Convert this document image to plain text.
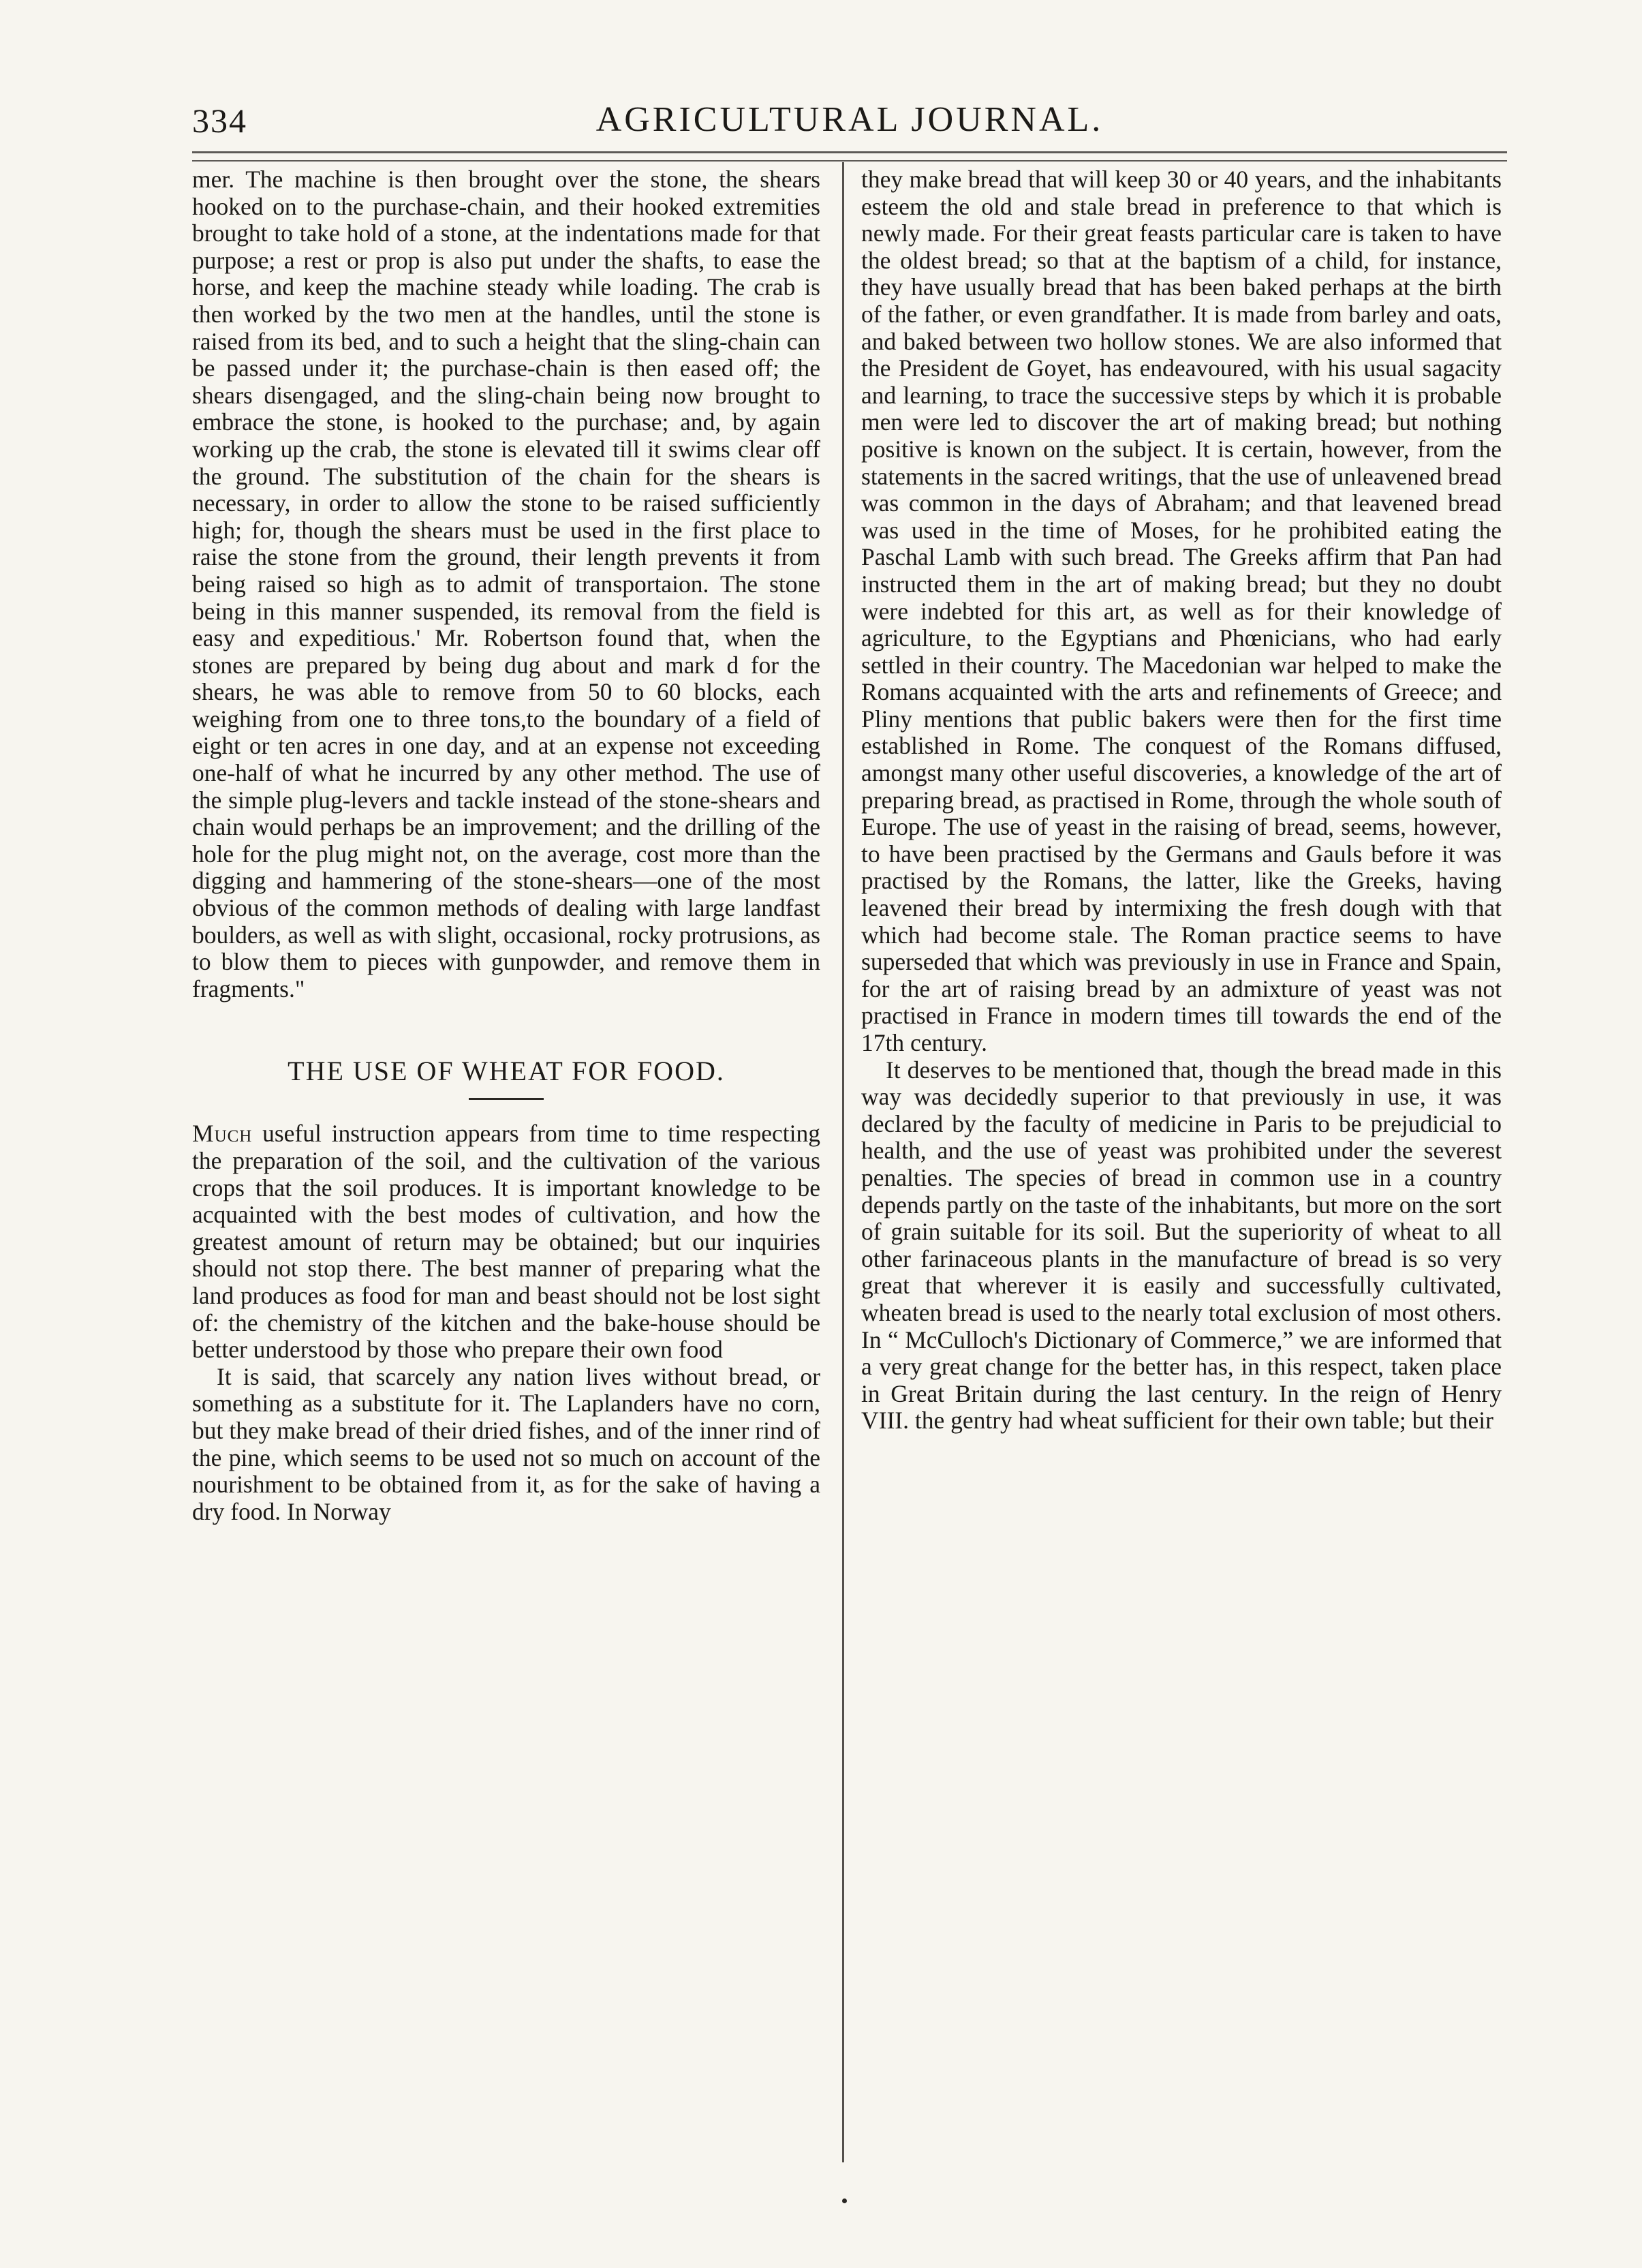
334	AGRICULTURAL JOURNAL.

mer. The machine is then brought over the stone, the shears hooked on to the purchase-chain, and their hooked extremities brought to take hold of a stone, at the indentations made for that purpose; a rest or prop is also put under the shafts, to ease the horse, and keep the machine steady while loading. The crab is then worked by the two men at the handles, until the stone is raised from its bed, and to such a height that the sling-chain can be passed under it; the purchase-chain is then eased off; the shears disengaged, and the sling-chain being now brought to embrace the stone, is hooked to the purchase; and, by again working up the crab, the stone is elevated till it swims clear off the ground. The substitution of the chain for the shears is necessary, in order to allow the stone to be raised sufficiently high; for, though the shears must be used in the first place to raise the stone from the ground, their length prevents it from being raised so high as to admit of transportaion. The stone being in this manner suspended, its removal from the field is easy and expeditious.' Mr. Robertson found that, when the stones are prepared by being dug about and mark d for the shears, he was able to remove from 50 to 60 blocks, each weighing from one to three tons,to the boundary of a field of eight or ten acres in one day, and at an expense not exceeding one-half of what he incurred by any other method. The use of the simple plug-levers and tackle instead of the stone-shears and chain would perhaps be an improvement; and the drilling of the hole for the plug might not, on the average, cost more than the digging and hammering of the stone-shears—one of the most obvious of the common methods of dealing with large landfast boulders, as well as with slight, occasional, rocky protrusions, as to blow them to pieces with gunpowder, and remove them in fragments."

THE USE OF WHEAT FOR FOOD.

Much useful instruction appears from time to time respecting the preparation of the soil, and the cultivation of the various crops that the soil produces. It is important knowledge to be acquainted with the best modes of cultivation, and how the greatest amount of return may be obtained; but our inquiries should not stop there. The best manner of preparing what the land produces as food for man and beast should not be lost sight of: the chemistry of the kitchen and the bake-house should be better understood by those who prepare their own food

It is said, that scarcely any nation lives without bread, or something as a substitute for it. The Laplanders have no corn, but they make bread of their dried fishes, and of the inner rind of the pine, which seems to be used not so much on account of the nourishment to be obtained from it, as for the sake of having a dry food. In Norway

they make bread that will keep 30 or 40 years, and the inhabitants esteem the old and stale bread in preference to that which is newly made. For their great feasts particular care is taken to have the oldest bread; so that at the baptism of a child, for instance, they have usually bread that has been baked perhaps at the birth of the father, or even grandfather. It is made from barley and oats, and baked between two hollow stones. We are also informed that the President de Goyet, has endeavoured, with his usual sagacity and learning, to trace the successive steps by which it is probable men were led to discover the art of making bread; but nothing positive is known on the subject. It is certain, however, from the statements in the sacred writings, that the use of unleavened bread was common in the days of Abraham; and that leavened bread was used in the time of Moses, for he prohibited eating the Paschal Lamb with such bread. The Greeks affirm that Pan had instructed them in the art of making bread; but they no doubt were indebted for this art, as well as for their knowledge of agriculture, to the Egyptians and Phœnicians, who had early settled in their country. The Macedonian war helped to make the Romans acquainted with the arts and refinements of Greece; and Pliny mentions that public bakers were then for the first time established in Rome. The conquest of the Romans diffused, amongst many other useful discoveries, a knowledge of the art of preparing bread, as practised in Rome, through the whole south of Europe. The use of yeast in the raising of bread, seems, however, to have been practised by the Germans and Gauls before it was practised by the Romans, the latter, like the Greeks, having leavened their bread by intermixing the fresh dough with that which had become stale. The Roman practice seems to have superseded that which was previously in use in France and Spain, for the art of raising bread by an admixture of yeast was not practised in France in modern times till towards the end of the 17th century.

It deserves to be mentioned that, though the bread made in this way was decidedly superior to that previously in use, it was declared by the faculty of medicine in Paris to be prejudicial to health, and the use of yeast was prohibited under the severest penalties. The species of bread in common use in a country depends partly on the taste of the inhabitants, but more on the sort of grain suitable for its soil. But the superiority of wheat to all other farinaceous plants in the manufacture of bread is so very great that wherever it is easily and successfully cultivated, wheaten bread is used to the nearly total exclusion of most others. In “ McCulloch's Dictionary of Commerce,” we are informed that a very great change for the better has, in this respect, taken place in Great Britain during the last century. In the reign of Henry VIII. the gentry had wheat sufficient for their own table; but their
